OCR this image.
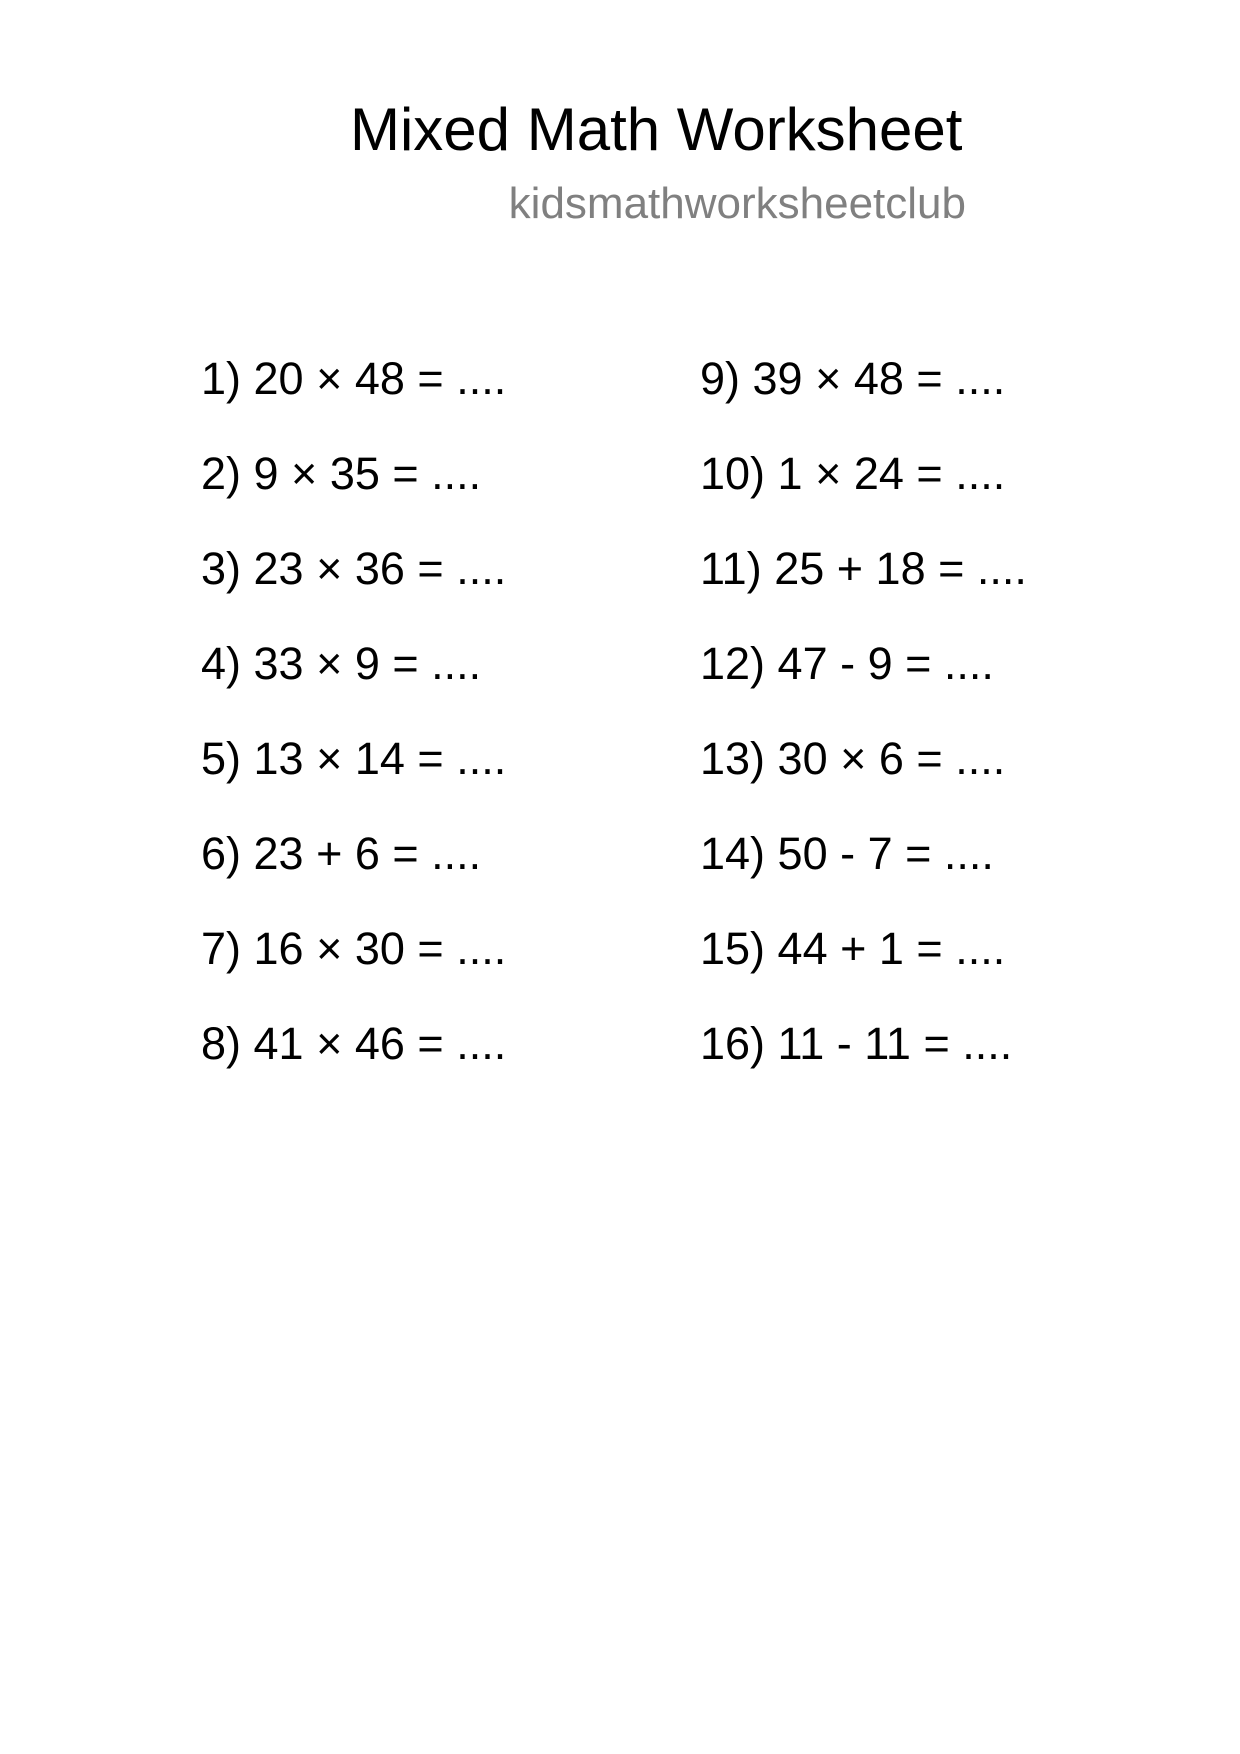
Mixed Math Worksheet
kidsmathworksheetclub
1) 20 × 48 = ....
2) 9 × 35 = ....
3) 23 × 36 = ....
4) 33 × 9 = ....
5) 13 × 14 = ....
6) 23 + 6 = ....
7) 16 × 30 = ....
8) 41 × 46 = ....
9) 39 × 48 = ....
10) 1 × 24 = ....
11) 25 + 18 = ....
12) 47 - 9 = ....
13) 30 × 6 = ....
14) 50 - 7 = ....
15) 44 + 1 = ....
16) 11 - 11 = ....
